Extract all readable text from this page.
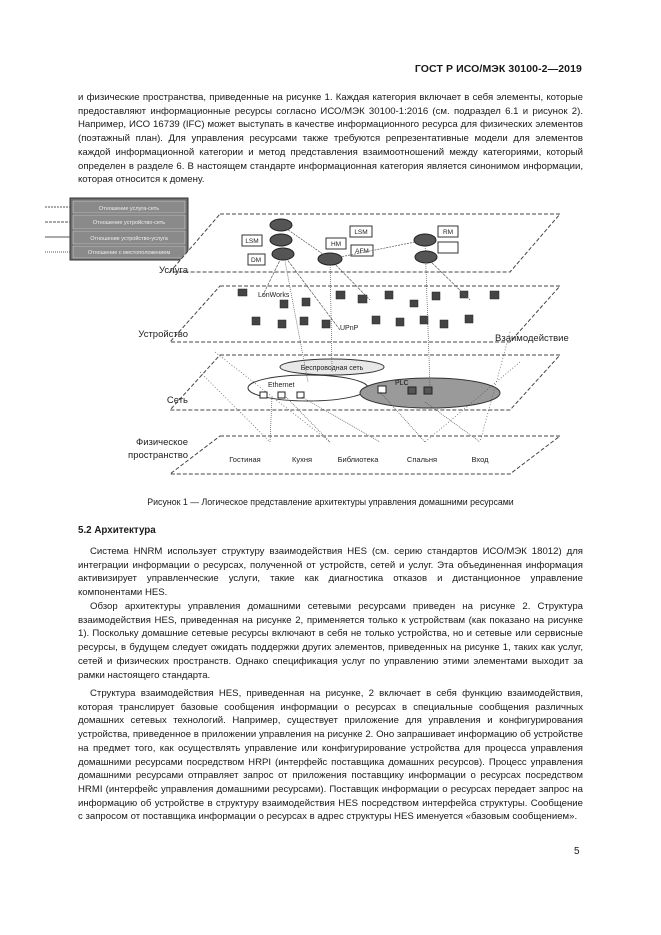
ГОСТ Р ИСО/МЭК 30100-2—2019

и физические пространства, приведенные на рисунке 1. Каждая категория включает в себя элементы, которые предоставляют информационные ресурсы согласно ИСО/МЭК 30100-1:2016 (см. подраздел 6.1 и рисунок 2). Например, ИСО 16739 (IFC) может выступать в качестве информационного ресурса для физических элементов (поэтажный план). Для управления ресурсами также требуются репрезентативные модели для элементов каждой информационной категории и метод представления взаимоотношений между категориями, который определен в разделе 6. В настоящем стандарте информационная категория является синонимом информации, которая относится к домену.

Отношение услуга-сеть
Отношение устройство-сеть
Отношение устройство-услуга
Отношение с местоположением
Услуга
Устройство
Сеть
Физическое
пространство
Взаимодействие
LSM
DM
HM
LSM
AFM
RM
LonWorks
UPnP
Беспроводная сеть
Ethernet	PLC
Гостиная	Кухня	Библиотека	Спальня	Вход
Рисунок 1 — Логическое представление архитектуры управления домашними ресурсами
5.2 Архитектура

Система HNRM использует структуру взаимодействия HES (см. серию стандартов ИСО/МЭК 18012) для интеграции информации о ресурсах, полученной от устройств, сетей и услуг. Эта объединенная информация активизирует управленческие услуги, такие как диагностика отказов и дистанционное управление компонентами HES.

Обзор архитектуры управления домашними сетевыми ресурсами приведен на рисунке 2. Структура взаимодействия HES, приведенная на рисунке 2, применяется только к устройствам (как показано на рисунке 1). Поскольку домашние сетевые ресурсы включают в себя не только устройства, но и сетевые или сервисные ресурсы, в будущем следует ожидать поддержки других элементов, приведенных на рисунке 1, таких как услуг, сетей и физических пространств. Однако спецификация услуг по управлению этими элементами выходит за рамки настоящего стандарта.

Структура взаимодействия HES, приведенная на рисунке, 2 включает в себя функцию взаимодействия, которая транслирует базовые сообщения информации о ресурсах в специальные сообщения различных домашних сетевых технологий. Например, существует приложение для управления и конфигурирования устройства, приведенное в приложении управления на рисунке 2. Оно запрашивает информацию об устройстве на предмет того, как осуществлять управление или конфигурирование устройства для процесса управления домашними ресурсами посредством HRPI (интерфейс поставщика домашних ресурсов). Процесс управления домашними ресурсами отправляет запрос от приложения поставщику информации о ресурсах посредством HRMI (интерфейс управления домашними ресурсами). Поставщик информации о ресурсах передает запрос на информацию об устройстве в структуру взаимодействия HES посредством интерфейса структуры. Сообщение с запросом от поставщика информации о ресурсах в адрес структуры HES именуется «базовым сообщением».

5
